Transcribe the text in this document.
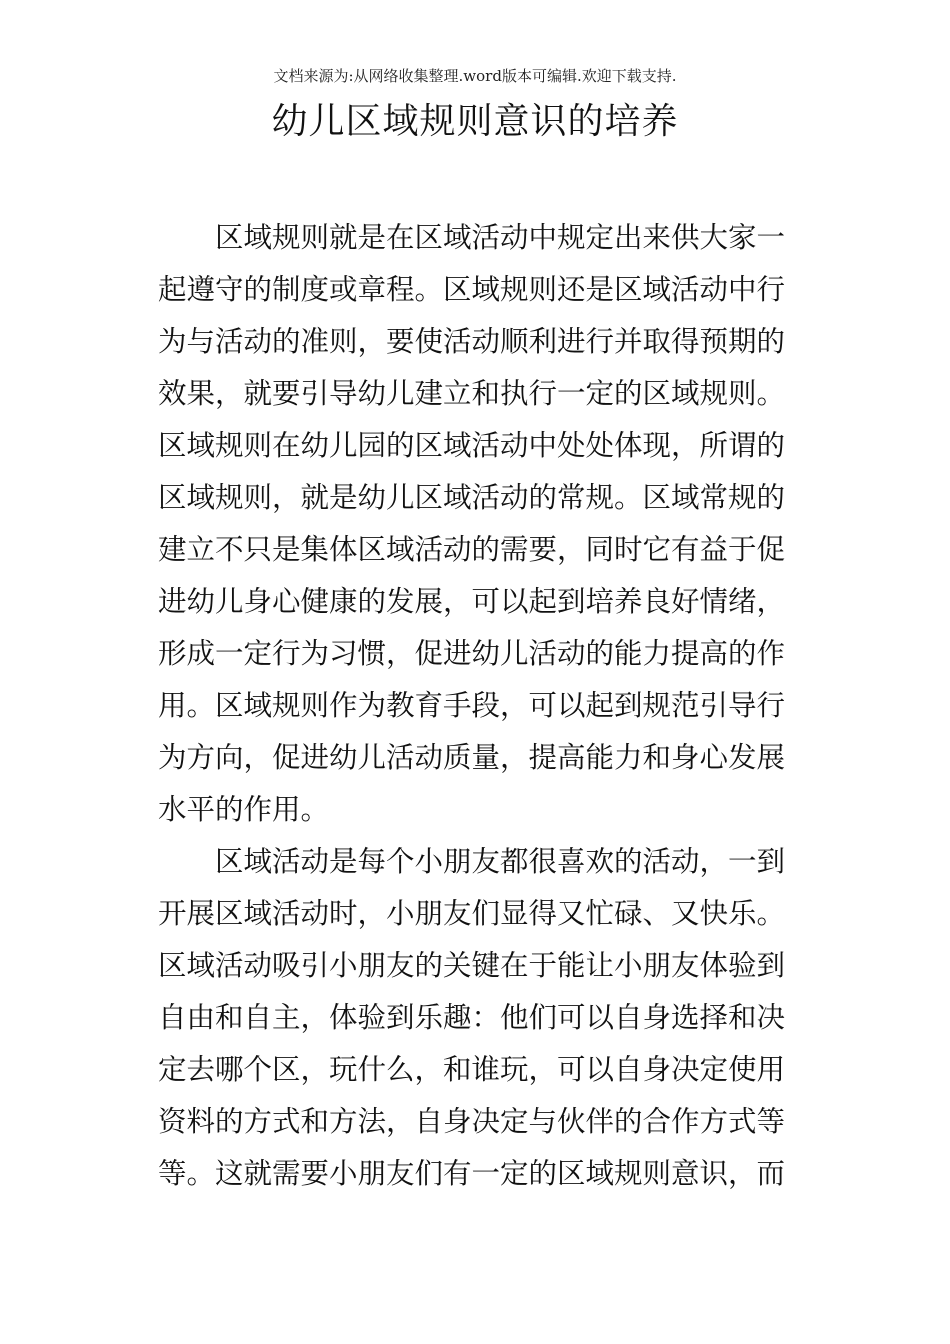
文档来源为:从网络收集整理.word版本可编辑.欢迎下载支持.
幼儿区域规则意识的培养
区域规则就是在区域活动中规定出来供大家一
起遵守的制度或章程。区域规则还是区域活动中行
为与活动的准则，要使活动顺利进行并取得预期的
效果，就要引导幼儿建立和执行一定的区域规则。
区域规则在幼儿园的区域活动中处处体现，所谓的
区域规则，就是幼儿区域活动的常规。区域常规的
建立不只是集体区域活动的需要，同时它有益于促
进幼儿身心健康的发展，可以起到培养良好情绪，
形成一定行为习惯，促进幼儿活动的能力提高的作
用。区域规则作为教育手段，可以起到规范引导行
为方向，促进幼儿活动质量，提高能力和身心发展
水平的作用。
区域活动是每个小朋友都很喜欢的活动，一到
开展区域活动时，小朋友们显得又忙碌、又快乐。
区域活动吸引小朋友的关键在于能让小朋友体验到
自由和自主，体验到乐趣：他们可以自身选择和决
定去哪个区，玩什么，和谁玩，可以自身决定使用
资料的方式和方法，自身决定与伙伴的合作方式等
等。这就需要小朋友们有一定的区域规则意识，而
